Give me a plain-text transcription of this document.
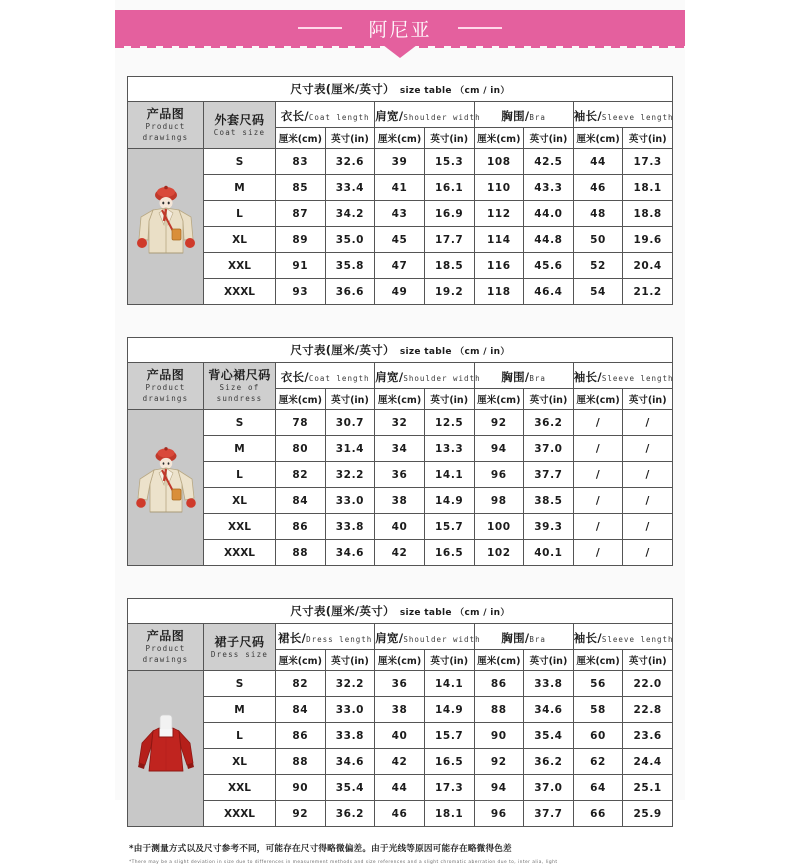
阿尼亚
尺寸表(厘米/英寸） size table （cm / in）									

产品图
Product drawings	外套尺码
Coat size	衣长/Coat length		肩宽/Shoulder width		胸围/Bra		袖长/Sleeve length	
		厘米(cm)	英寸(in)	厘米(cm)	英寸(in)	厘米(cm)	英寸(in)	厘米(cm)	英寸(in)

	S	83	32.6	39	15.3	108	42.5	44	17.3
	M	85	33.4	41	16.1	110	43.3	46	18.1
	L	87	34.2	43	16.9	112	44.0	48	18.8
	XL	89	35.0	45	17.7	114	44.8	50	19.6
	XXL	91	35.8	47	18.5	116	45.6	52	20.4
	XXXL	93	36.6	49	19.2	118	46.4	54	21.2
尺寸表(厘米/英寸） size table （cm / in）									

产品图
Product drawings	背心裙尺码
Size of sundress	衣长/Coat length		肩宽/Shoulder width		胸围/Bra		袖长/Sleeve length	
		厘米(cm)	英寸(in)	厘米(cm)	英寸(in)	厘米(cm)	英寸(in)	厘米(cm)	英寸(in)

	S	78	30.7	32	12.5	92	36.2	/	/
	M	80	31.4	34	13.3	94	37.0	/	/
	L	82	32.2	36	14.1	96	37.7	/	/
	XL	84	33.0	38	14.9	98	38.5	/	/
	XXL	86	33.8	40	15.7	100	39.3	/	/
	XXXL	88	34.6	42	16.5	102	40.1	/	/
尺寸表(厘米/英寸） size table （cm / in）									

产品图
Product drawings	裙子尺码
Dress size	裙长/Dress length		肩宽/Shoulder width		胸围/Bra		袖长/Sleeve length	
		厘米(cm)	英寸(in)	厘米(cm)	英寸(in)	厘米(cm)	英寸(in)	厘米(cm)	英寸(in)

	S	82	32.2	36	14.1	86	33.8	56	22.0
	M	84	33.0	38	14.9	88	34.6	58	22.8
	L	86	33.8	40	15.7	90	35.4	60	23.6
	XL	88	34.6	42	16.5	92	36.2	62	24.4
	XXL	90	35.4	44	17.3	94	37.0	64	25.1
	XXXL	92	36.2	46	18.1	96	37.7	66	25.9
*由于测量方式以及尺寸参考不同，可能存在尺寸得略微偏差。由于光线等原因可能存在略微得色差
*There may be a slight deviation in size due to differences in measurement methods and size references and a slight chromatic aberration due to, inter alia, light
